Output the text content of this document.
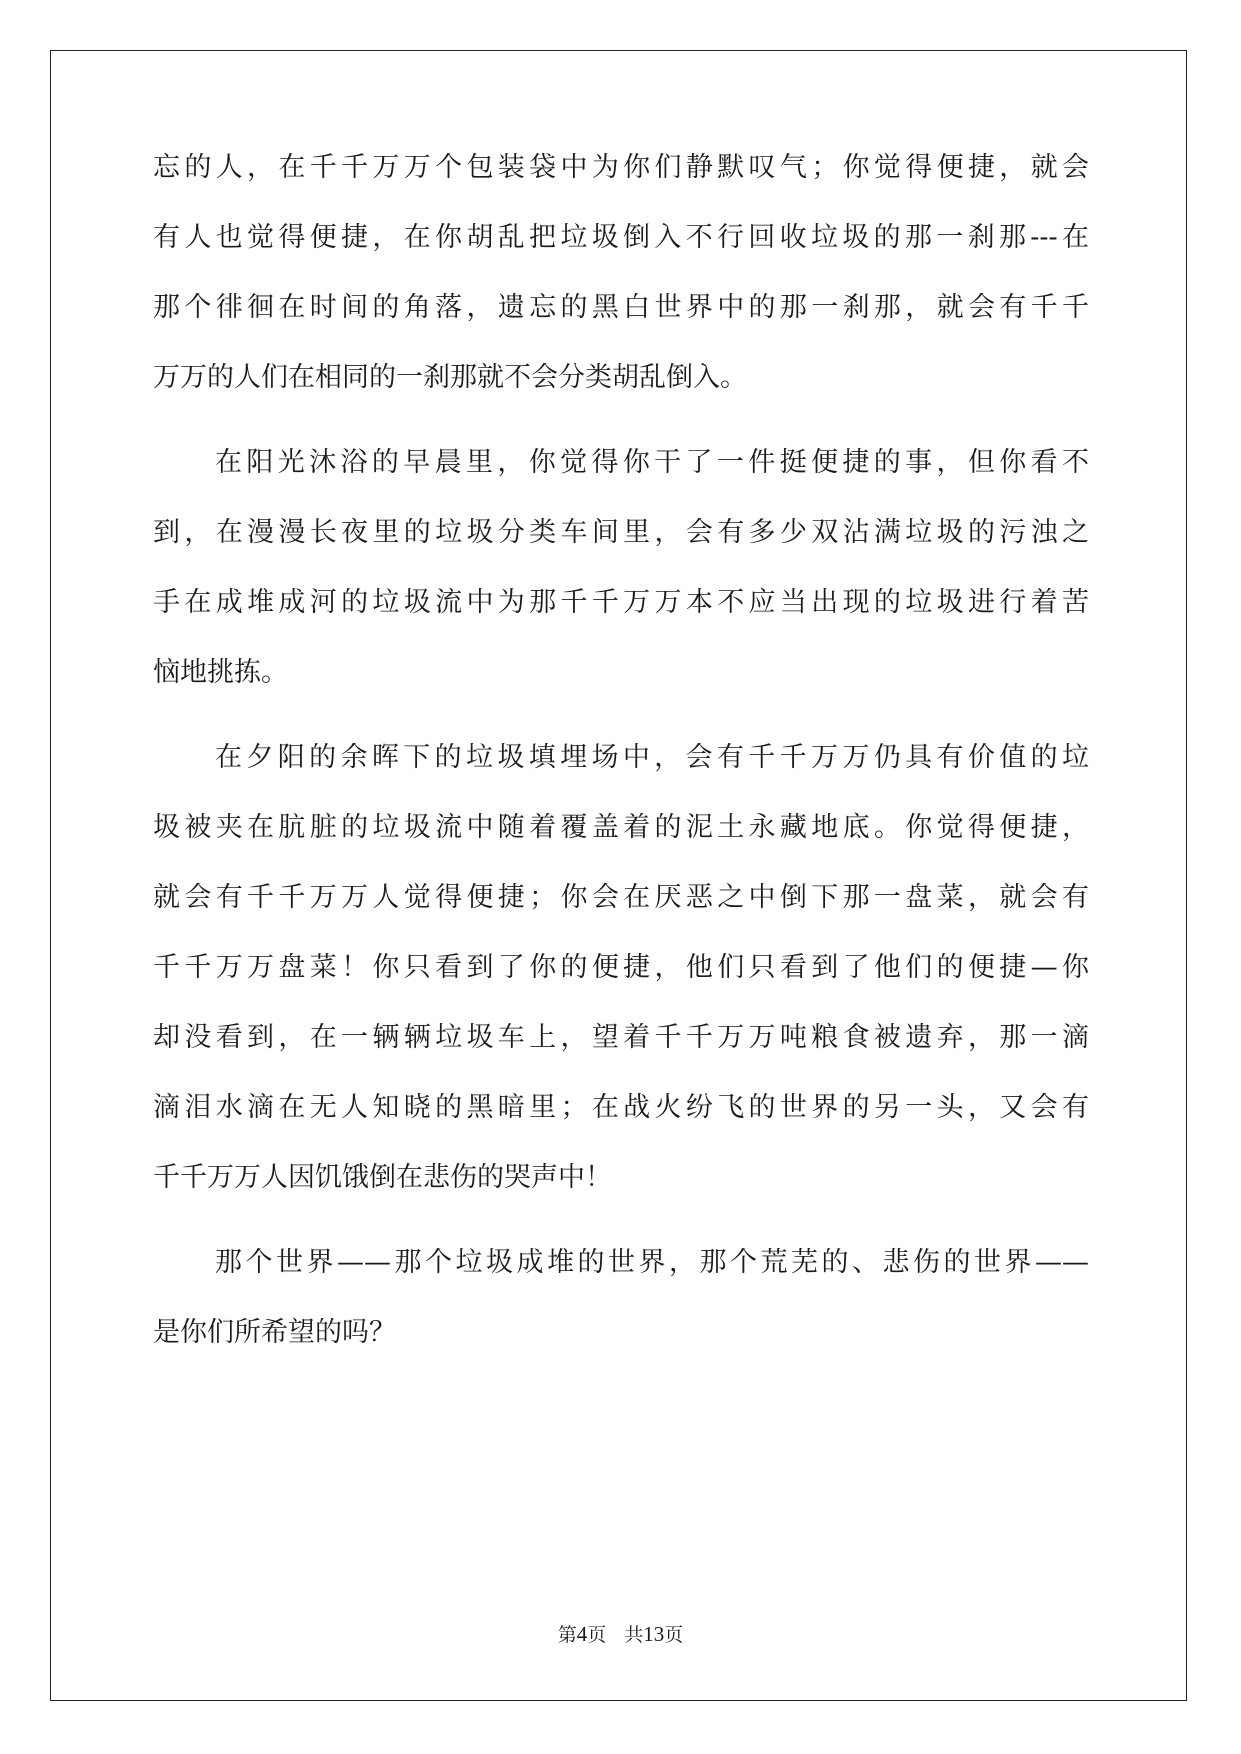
忘的人，在千千万万个包装袋中为你们静默叹气；你觉得便捷，就会
有人也觉得便捷，在你胡乱把垃圾倒入不行回收垃圾的那一刹那---在
那个徘徊在时间的角落，遗忘的黑白世界中的那一刹那，就会有千千
万万的人们在相同的一刹那就不会分类胡乱倒入。
在阳光沐浴的早晨里，你觉得你干了一件挺便捷的事，但你看不
到，在漫漫长夜里的垃圾分类车间里，会有多少双沾满垃圾的污浊之
手在成堆成河的垃圾流中为那千千万万本不应当出现的垃圾进行着苦
恼地挑拣。
在夕阳的余晖下的垃圾填埋场中，会有千千万万仍具有价值的垃
圾被夹在肮脏的垃圾流中随着覆盖着的泥土永藏地底。你觉得便捷，
就会有千千万万人觉得便捷；你会在厌恶之中倒下那一盘菜，就会有
千千万万盘菜！你只看到了你的便捷，他们只看到了他们的便捷—你
却没看到，在一辆辆垃圾车上，望着千千万万吨粮食被遗弃，那一滴
滴泪水滴在无人知晓的黑暗里；在战火纷飞的世界的另一头，又会有
千千万万人因饥饿倒在悲伤的哭声中！
那个世界——那个垃圾成堆的世界，那个荒芜的、悲伤的世界——
是你们所希望的吗？
第4页 共13页
